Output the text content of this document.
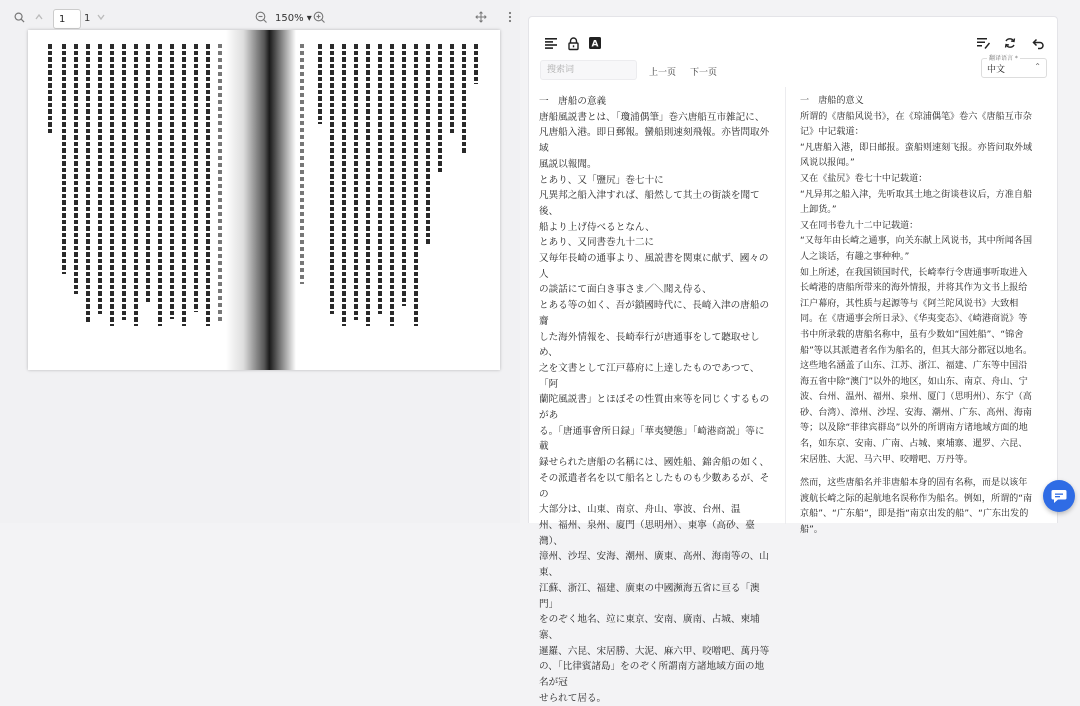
1
1	150% ▾
A
搜索词
上一页 下一页	中文	⌃
翻译语言 *

一　唐船の意義

唐船風説書とは、「瓊浦偶筆」巻六唐船互市雑記に、

凡唐船入港。即日郵報。蠻船則速刻飛報。亦皆問取外域

風説以報聞。

とあり、又「鹽尻」巻七十に

凡異邦之船入津すれば、船然して其土の街談を聞て後、

船より上げ侍べるとなん、

とあり、又同書巻九十二に

又毎年長崎の通事より、風説書を関東に献ず、國々の人

の談話にて面白き事さま／＼聞え侍る、

とある等の如く、吾が鎖國時代に、長崎入津の唐船の齎

した海外情報を、長崎奉行が唐通事をして聽取せしめ、

之を文書として江戸幕府に上達したものであつて、「阿

蘭陀風説書」とほぼその性質由來等を同じくするものがあ

る。「唐通事會所日録」「華夷變態」「崎港商説」等に載

録せられた唐船の名稱には、國姓船、錦舍船の如く、

その派遣者名を以て船名としたものも少數あるが、その

大部分は、山東、南京、舟山、寧波、台州、温

州、福州、泉州、廈門（思明州）、東寧（高砂、臺灣）、

漳州、沙埕、安海、潮州、廣東、高州、海南等の、山東、

江蘇、浙江、福建、廣東の中國瀕海五省に亘る「澳門」

をのぞく地名、竝に東京、安南、廣南、占城、柬埔寨、

暹羅、六昆、宋居勝、大泥、麻六甲、咬噌吧、萬丹等

の、「比律賓諸島」をのぞく所謂南方諸地域方面の地名が冠

せられて居る。

一　唐船的意义

所谓的《唐船风说书》，在《琼浦偶笔》卷六《唐船互市杂记》中记载道：

“凡唐船入港，即日邮报。蛮船则速刻飞报。亦皆问取外域风说以报闻。”

又在《盐尻》卷七十中记载道：

“凡异邦之船入津，先听取其土地之街谈巷议后，方准自船上卸货。”

又在同书卷九十二中记载道：

“又每年由长崎之通事，向关东献上风说书，其中所闻各国人之谈话，有趣之事种种。”

如上所述，在我国锁国时代，长崎奉行令唐通事听取进入长崎港的唐船所带来的海外情报，并将其作为文书上报给江户幕府，其性质与起源等与《阿兰陀风说书》大致相同。在《唐通事会所日录》、《华夷变态》、《崎港商说》等书中所录载的唐船名称中，虽有少数如“国姓船”、“锦舍船”等以其派遣者名作为船名的，但其大部分都冠以地名。这些地名涵盖了山东、江苏、浙江、福建、广东等中国沿海五省中除“澳门”以外的地区，如山东、南京、舟山、宁波、台州、温州、福州、泉州、厦门（思明州）、东宁（高砂、台湾）、漳州、沙埕、安海、潮州、广东、高州、海南等；以及除“菲律宾群岛”以外的所谓南方诸地域方面的地名，如东京、安南、广南、占城、柬埔寨、暹罗、六昆、宋居胜、大泥、马六甲、咬噌吧、万丹等。

然而，这些唐船名并非唐船本身的固有名称，而是以该年渡航长崎之际的起航地名误称作为船名。例如，所谓的“南京船”、“广东船”，即是指“南京出发的船”、“广东出发的船”。
